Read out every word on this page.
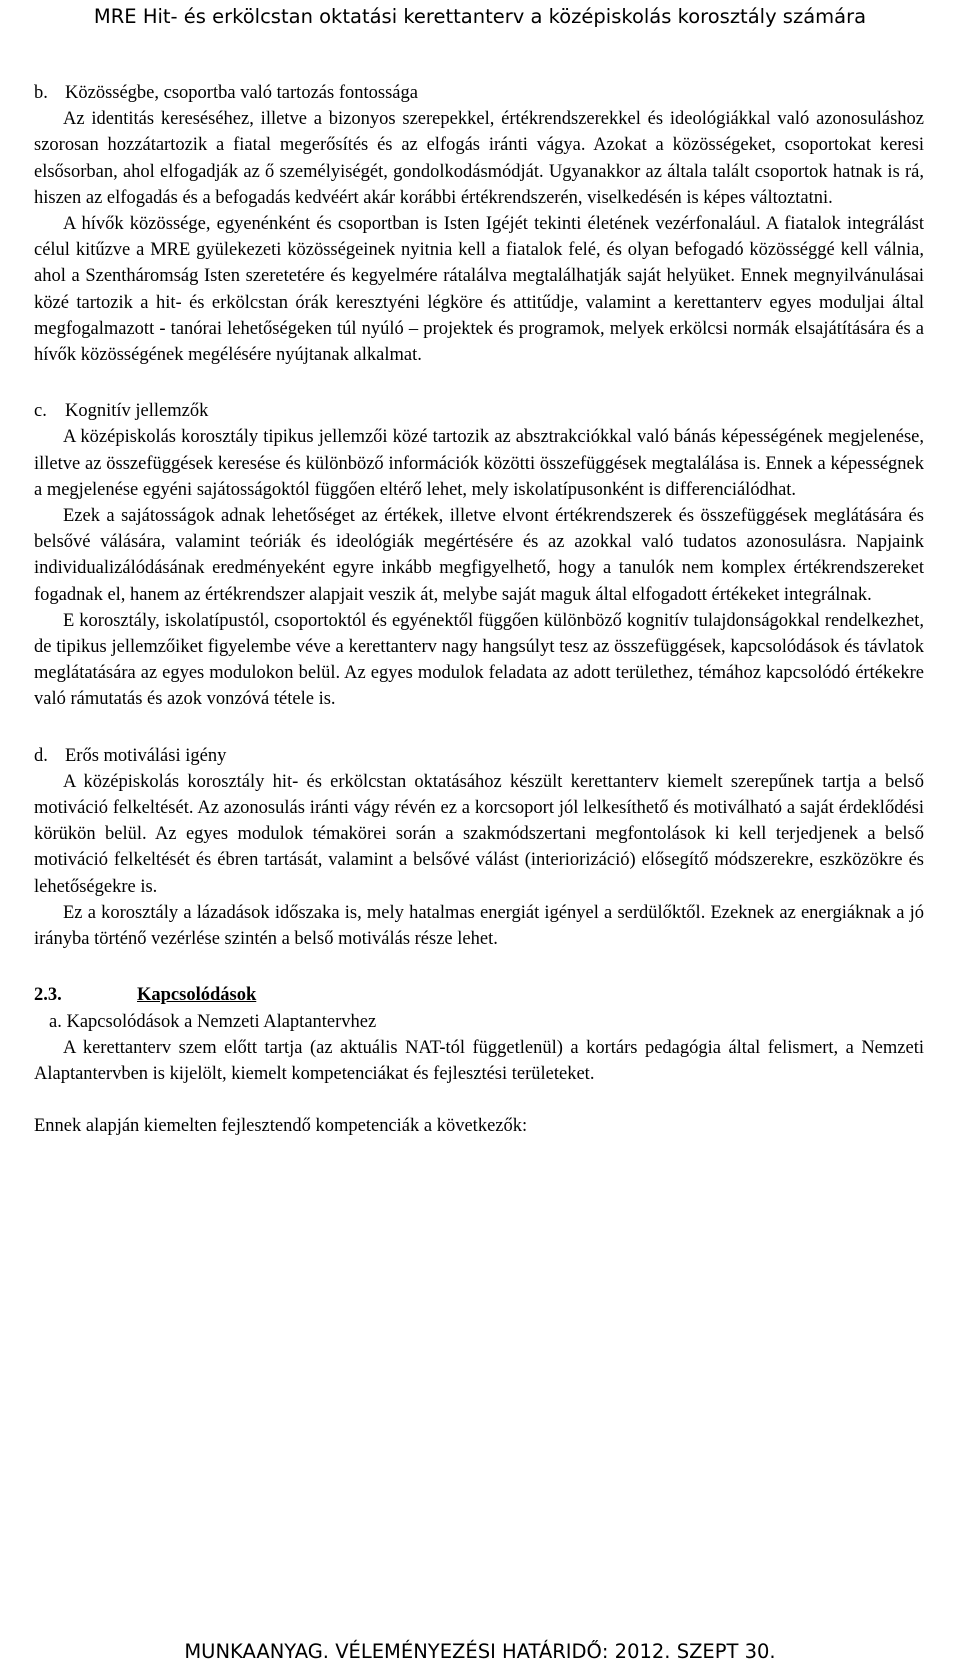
MRE Hit- és erkölcstan oktatási kerettanterv a középiskolás korosztály számára

b. Közösségbe, csoportba való tartozás fontossága

Az identitás kereséséhez, illetve a bizonyos szerepekkel, értékrendszerekkel és ideológiákkal való azonosuláshoz szorosan hozzátartozik a fiatal megerősítés és az elfogás iránti vágya. Azokat a közösségeket, csoportokat keresi elsősorban, ahol elfogadják az ő személyiségét, gondolkodásmódját. Ugyanakkor az általa talált csoportok hatnak is rá, hiszen az elfogadás és a befogadás kedvéért akár korábbi értékrendszerén, viselkedésén is képes változtatni.

A hívők közössége, egyenénként és csoportban is Isten Igéjét tekinti életének vezérfonalául. A fiatalok integrálást célul kitűzve a MRE gyülekezeti közösségeinek nyitnia kell a fiatalok felé, és olyan befogadó közösséggé kell válnia, ahol a Szentháromság Isten szeretetére és kegyelmére rátalálva megtalálhatják saját helyüket. Ennek megnyilvánulásai közé tartozik a hit- és erkölcstan órák keresztyéni légköre és attitűdje, valamint a kerettanterv egyes moduljai által megfogalmazott - tanórai lehetőségeken túl nyúló – projektek és programok, melyek erkölcsi normák elsajátítására és a hívők közösségének megélésére nyújtanak alkalmat.

c. Kognitív jellemzők

A középiskolás korosztály tipikus jellemzői közé tartozik az absztrakciókkal való bánás képességének megjelenése, illetve az összefüggések keresése és különböző információk közötti összefüggések megtalálása is. Ennek a képességnek a megjelenése egyéni sajátosságoktól függően eltérő lehet, mely iskolatípusonként is differenciálódhat.

Ezek a sajátosságok adnak lehetőséget az értékek, illetve elvont értékrendszerek és összefüggések meglátására és belsővé válására, valamint teóriák és ideológiák megértésére és az azokkal való tudatos azonosulásra. Napjaink individualizálódásának eredményeként egyre inkább megfigyelhető, hogy a tanulók nem komplex értékrendszereket fogadnak el, hanem az értékrendszer alapjait veszik át, melybe saját maguk által elfogadott értékeket integrálnak.

E korosztály, iskolatípustól, csoportoktól és egyénektől függően különböző kognitív tulajdonságokkal rendelkezhet, de tipikus jellemzőiket figyelembe véve a kerettanterv nagy hangsúlyt tesz az összefüggések, kapcsolódások és távlatok meglátatására az egyes modulokon belül. Az egyes modulok feladata az adott területhez, témához kapcsolódó értékekre való rámutatás és azok vonzóvá tétele is.

d. Erős motiválási igény

A középiskolás korosztály hit- és erkölcstan oktatásához készült kerettanterv kiemelt szerepűnek tartja a belső motiváció felkeltését. Az azonosulás iránti vágy révén ez a korcsoport jól lelkesíthető és motiválható a saját érdeklődési körükön belül. Az egyes modulok témakörei során a szakmódszertani megfontolások ki kell terjedjenek a belső motiváció felkeltését és ébren tartását, valamint a belsővé válást (interiorizáció) elősegítő módszerekre, eszközökre és lehetőségekre is.

Ez a korosztály a lázadások időszaka is, mely hatalmas energiát igényel a serdülőktől. Ezeknek az energiáknak a jó irányba történő vezérlése szintén a belső motiválás része lehet.

2.3.	Kapcsolódások

a. Kapcsolódások a Nemzeti Alaptantervhez

A kerettanterv szem előtt tartja (az aktuális NAT-tól függetlenül) a kortárs pedagógia által felismert, a Nemzeti Alaptantervben is kijelölt, kiemelt kompetenciákat és fejlesztési területeket.

Ennek alapján kiemelten fejlesztendő kompetenciák a következők:

MUNKAANYAG. VÉLEMÉNYEZÉSI HATÁRIDŐ: 2012. SZEPT 30.
